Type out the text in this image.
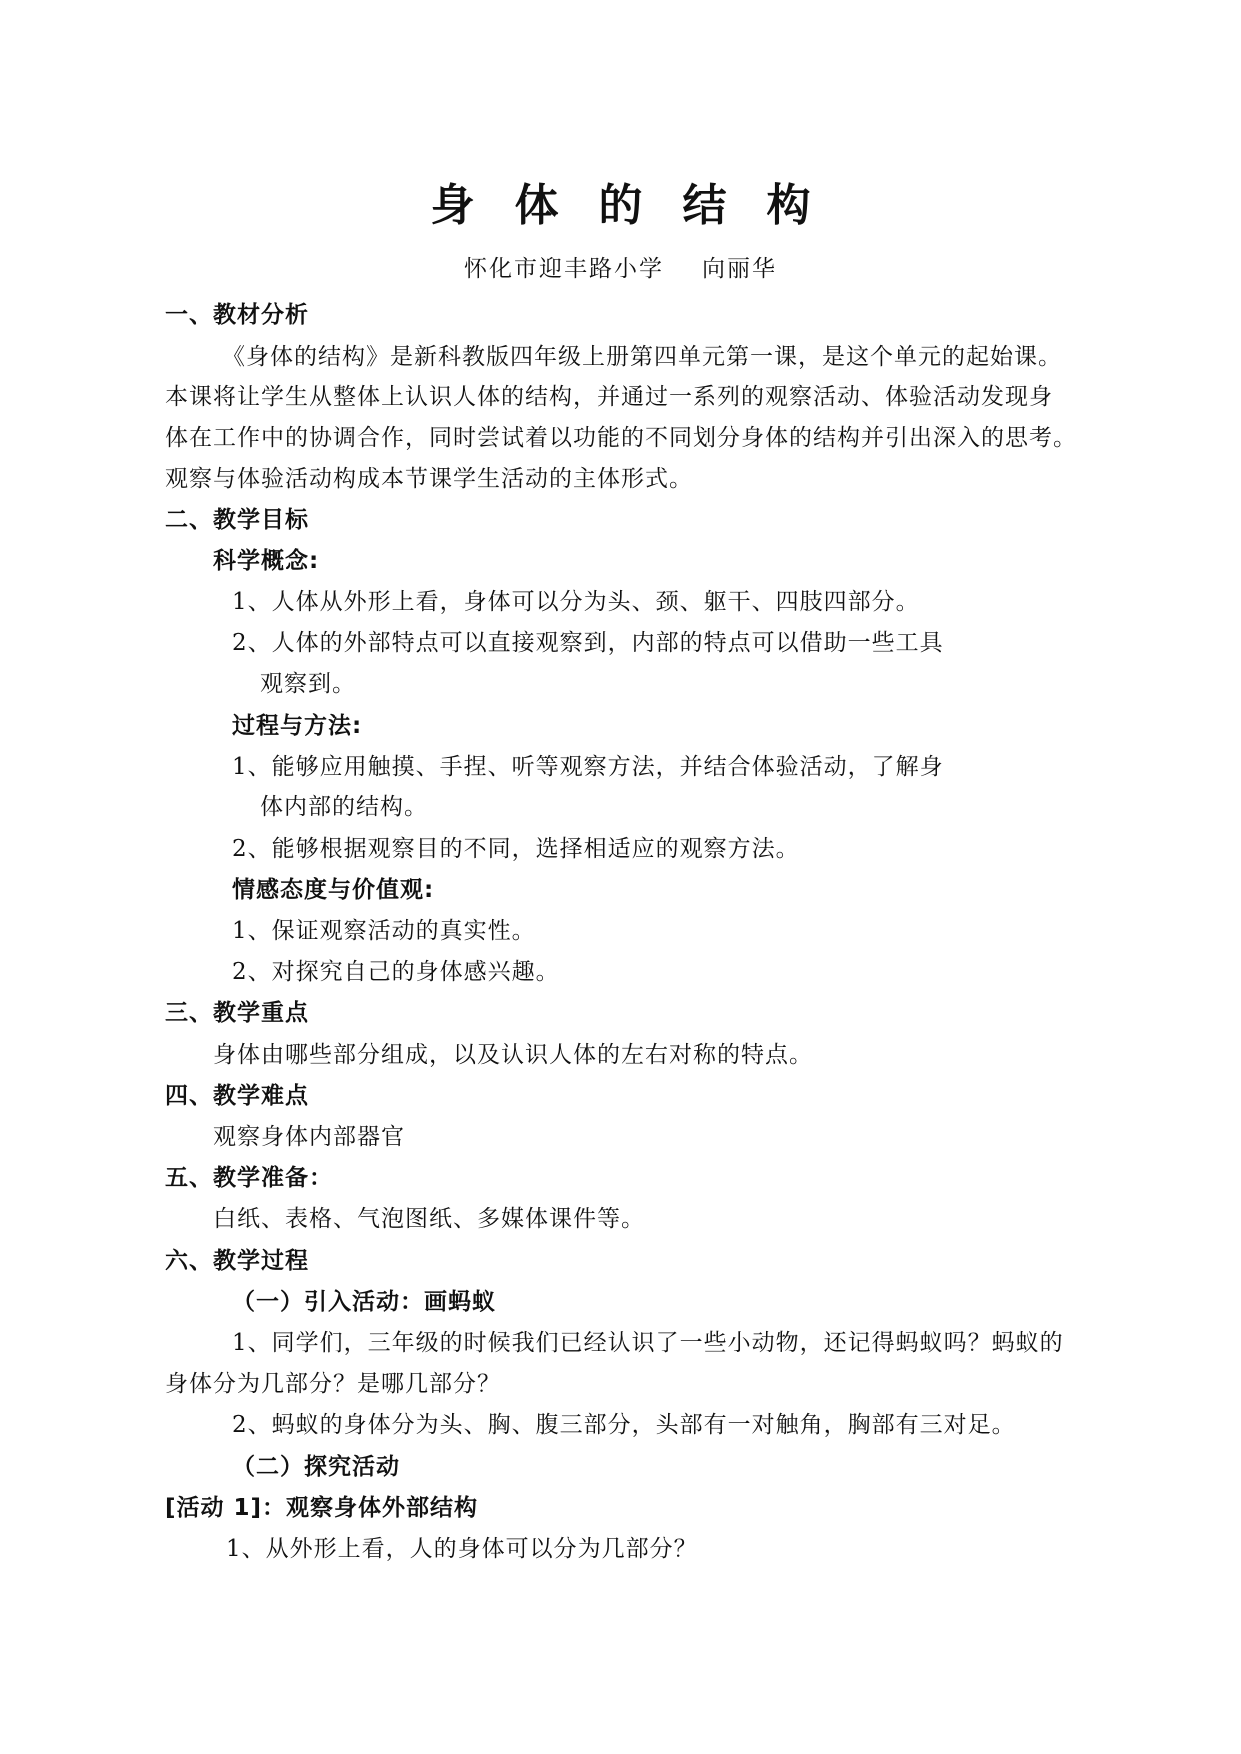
身体的结构
怀化市迎丰路小学 向丽华
一、教材分析
《身体的结构》是新科教版四年级上册第四单元第一课，是这个单元的起始课。
本课将让学生从整体上认识人体的结构，并通过一系列的观察活动、体验活动发现身
体在工作中的协调合作，同时尝试着以功能的不同划分身体的结构并引出深入的思考。
观察与体验活动构成本节课学生活动的主体形式。
二、教学目标
科学概念:
1、人体从外形上看，身体可以分为头、颈、躯干、四肢四部分。
2、人体的外部特点可以直接观察到，内部的特点可以借助一些工具
观察到。
过程与方法:
1、能够应用触摸、手捏、听等观察方法，并结合体验活动，了解身
体内部的结构。
2、能够根据观察目的不同，选择相适应的观察方法。
情感态度与价值观:
1、保证观察活动的真实性。
2、对探究自己的身体感兴趣。
三、教学重点
身体由哪些部分组成，以及认识人体的左右对称的特点。
四、教学难点
观察身体内部器官
五、教学准备：
白纸、表格、气泡图纸、多媒体课件等。
六、教学过程
（一）引入活动：画蚂蚁
1、同学们，三年级的时候我们已经认识了一些小动物，还记得蚂蚁吗？蚂蚁的
身体分为几部分？是哪几部分？
2、蚂蚁的身体分为头、胸、腹三部分，头部有一对触角，胸部有三对足。
（二）探究活动
[活动 1]：观察身体外部结构
1、从外形上看，人的身体可以分为几部分？
